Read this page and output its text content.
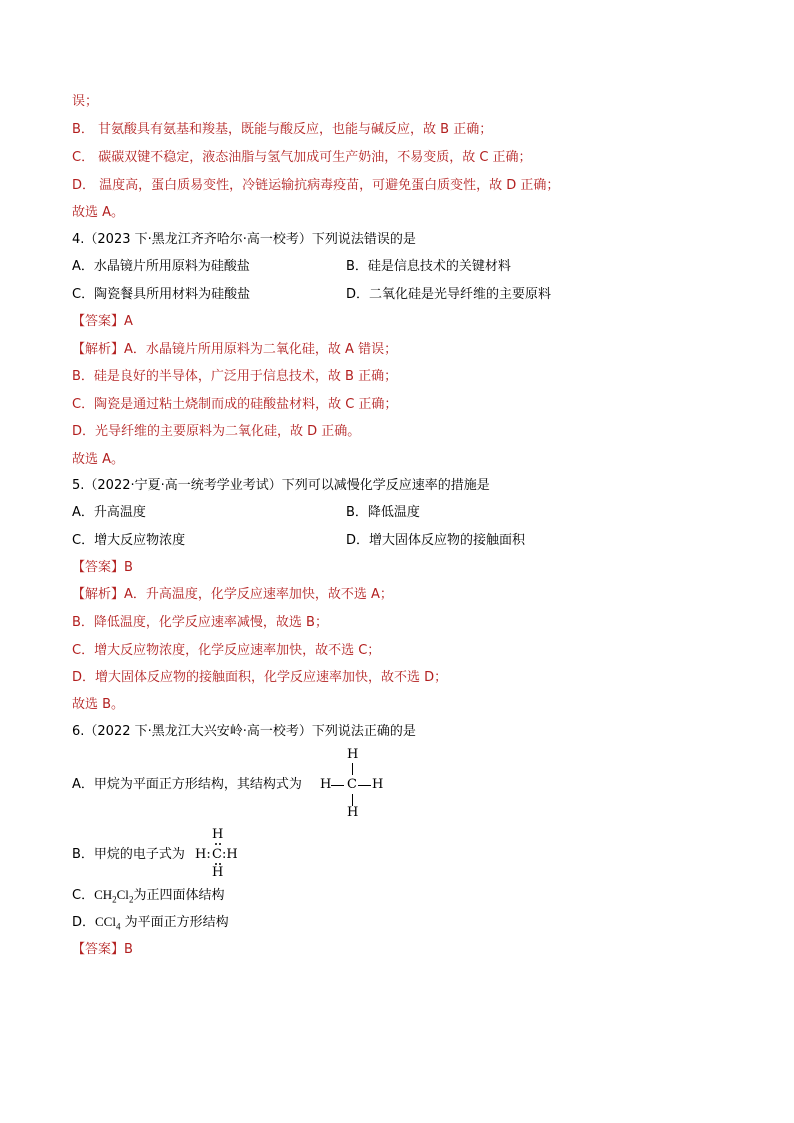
误；
B． 甘氨酸具有氨基和羧基，既能与酸反应，也能与碱反应，故 B 正确；
C． 碳碳双键不稳定，液态油脂与氢气加成可生产奶油，不易变质，故 C 正确；
D． 温度高，蛋白质易变性，冷链运输抗病毒疫苗，可避免蛋白质变性，故 D 正确；
故选 A。
4.（2023 下·黑龙江齐齐哈尔·高一校考）下列说法错误的是
A．水晶镜片所用原料为硅酸盐	B．硅是信息技术的关键材料
C．陶瓷餐具所用材料为硅酸盐	D．二氧化硅是光导纤维的主要原料
【答案】A
【解析】A．水晶镜片所用原料为二氧化硅，故 A 错误；
B．硅是良好的半导体，广泛用于信息技术，故 B 正确；
C．陶瓷是通过粘土烧制而成的硅酸盐材料，故 C 正确；
D．光导纤维的主要原料为二氧化硅，故 D 正确。
故选 A。
5.（2022·宁夏·高一统考学业考试）下列可以减慢化学反应速率的措施是
A．升高温度	B．降低温度
C．增大反应物浓度	D．增大固体反应物的接触面积
【答案】B
【解析】A．升高温度，化学反应速率加快，故不选 A；
B．降低温度，化学反应速率减慢，故选 B；
C．增大反应物浓度，化学反应速率加快，故不选 C；
D．增大固体反应物的接触面积，化学反应速率加快，故不选 D；
故选 B。
6.（2022 下·黑龙江大兴安岭·高一校考）下列说法正确的是
A．甲烷为平面正方形结构，其结构式为
H
H C H
H
B．甲烷的电子式为
H
H: C :H
H
C．$CH_2Cl_2$为正四面体结构
D．CCl$_4$ 为平面正方形结构
【答案】B
